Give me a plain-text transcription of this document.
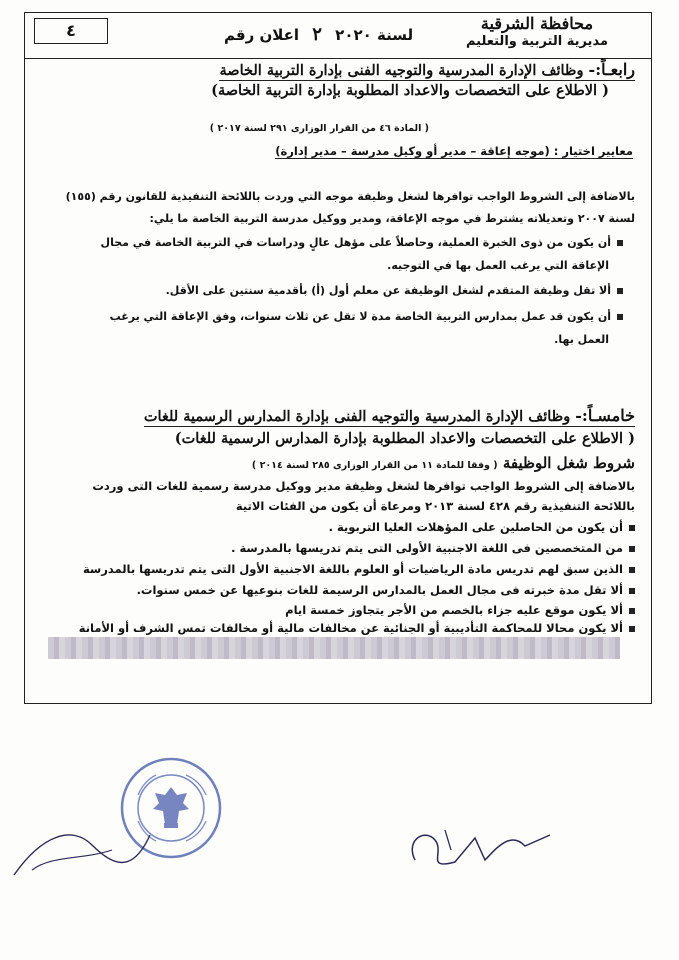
٤	لسنة ٢٠٢٠ ٢ اعلان رقم
محافظة الشرقية
مديرية التربية والتعليم
رابعـاً:- وظائف الإدارة المدرسية والتوجيه الفنى بإدارة التربية الخاصة
( الاطلاع على التخصصات والاعداد المطلوبة بإدارة التربية الخاصة)
( المادة ٤٦ من القرار الوزارى ٢٩١ لسنة ٢٠١٧ )
معايير اختيار : (موجه إعاقة – مدير أو وكيل مدرسة – مدير إدارة)
بالاضافة إلى الشروط الواجب توافرها لشغل وظيفة موجه التي وردت باللائحة التنفيذية للقانون رقم (١٥٥)
لسنة ٢٠٠٧ وتعديلاته يشترط في موجه الإعاقة، ومدير ووكيل مدرسة التربية الخاصة ما يلي:
أن يكون من ذوى الخبرة العملية، وحاصلاً على مؤهل عالٍ ودراسات في التربية الخاصة في مجال
الإعاقة التي يرغب العمل بها في التوجيه.
ألا تقل وظيفة المتقدم لشغل الوظيفة عن معلم أول (أ) بأقدمية سنتين على الأقل.
أن يكون قد عمل بمدارس التربية الخاصة مدة لا تقل عن ثلاث سنوات، وفق الإعاقة التي يرغب
العمل بها.
خامسـاً:- وظائف الإدارة المدرسية والتوجيه الفنى بإدارة المدارس الرسمية للغات
( الاطلاع على التخصصات والاعداد المطلوبة بإدارة المدارس الرسمية للغات)
شروط شغل الوظيفة ( وفقا للمادة ١١ من القرار الوزارى ٢٨٥ لسنة ٢٠١٤ )
بالاضافة إلى الشروط الواجب توافرها لشغل وظيفة مدير ووكيل مدرسة رسمية للغات التى وردت
باللائحة التنفيذية رقم ٤٢٨ لسنة ٢٠١٣ ومرعاة أن يكون من الفئات الاتية
أن يكون من الحاصلين على المؤهلات العليا التربوية .
من المتخصصين فى اللغة الاجنبية الأولى التى يتم تدريسها بالمدرسة .
الذين سبق لهم تدريس مادة الرياضيات أو العلوم باللغة الاجنبية الأول التى يتم تدريسها بالمدرسة
ألا تقل مدة خبرته فى مجال العمل بالمدارس الرسيمة للغات بنوعيها عن خمس سنوات.
ألا يكون موقع عليه جزاء بالخصم من الأجر يتجاوز خمسة ايام
ألا يكون محالا للمحاكمة التأديبية أو الجنائية عن مخالفات مالية أو مخالفات تمس الشرف أو الأمانة
